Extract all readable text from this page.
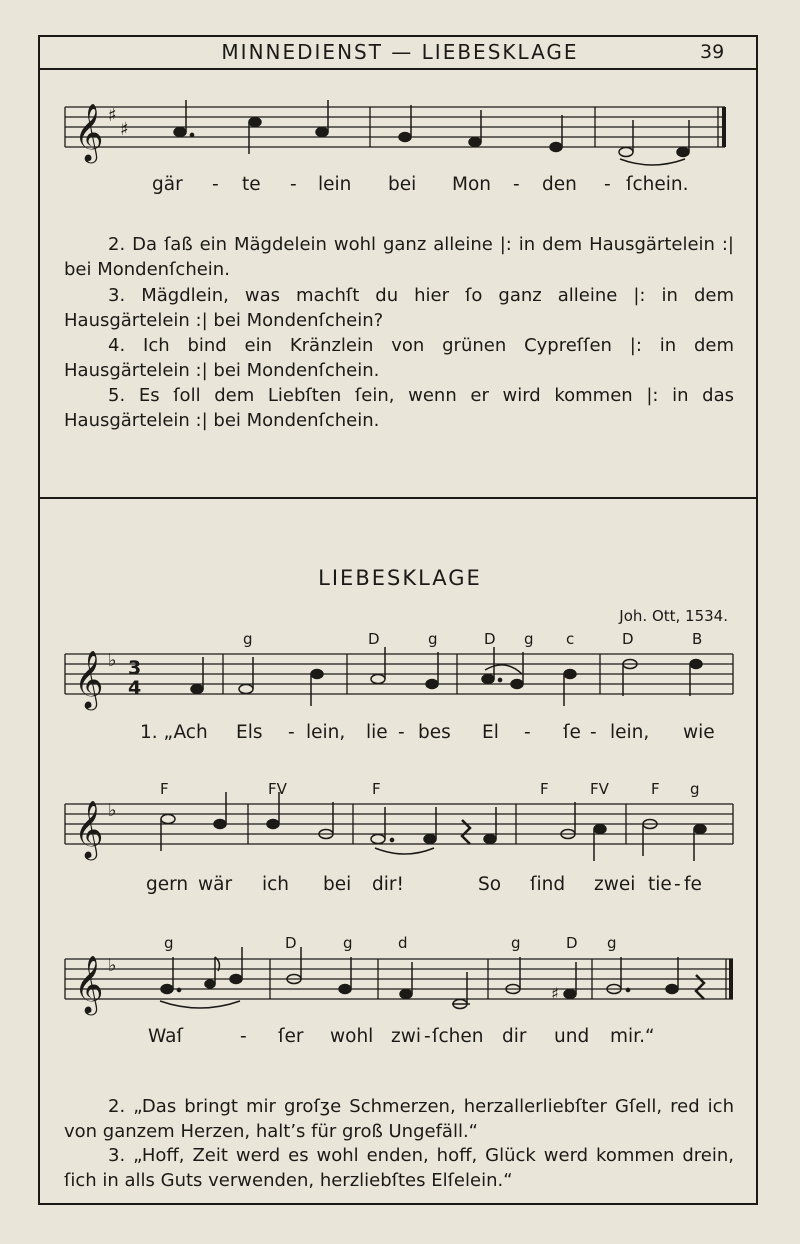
MINNEDIENST — LIEBESKLAGE	39
𝄞 ♯
♯
gär - te - lein bei Mon - den - ſchein.

2. Da ſaß ein Mägdelein wohl ganz alleine |: in dem Hausgärtelein :| bei Mondenſchein.

3. Mägdlein, was machſt du hier ſo ganz alleine |: in dem Hausgärtelein :| bei Mondenſchein?

4. Ich bind ein Kränzlein von grünen Cypreſſen |: in dem Hausgärtelein :| bei Mondenſchein.

5. Es ſoll dem Liebſten ſein, wenn er wird kommen |: in das Hausgärtelein :| bei Mondenſchein.

LIEBESKLAGE
Joh. Ott, 1534.
g	D	g	D g c	D	B
𝄞 ♭ 3
4
1. „Ach Els - lein, lie - bes El - ſe - lein, wie
F	FV	F	F	FV	F g
𝄞 ♭
gern wär ich bei dir!	So ſind zwei tie - fe
g	D	g	d	g	D g
𝄞 ♭
♯
Waſ	- ſer wohl zwi - ſchen dir und mir.“

2. „Das bringt mir groſʒe Schmerzen, herzallerliebſter Gſell, red ich von ganzem Herzen, halt’s für groß Ungefäll.“

3. „Hoff, Zeit werd es wohl enden, hoff, Glück werd kommen drein, ſich in alls Guts verwenden, herzliebſtes Elſelein.“
